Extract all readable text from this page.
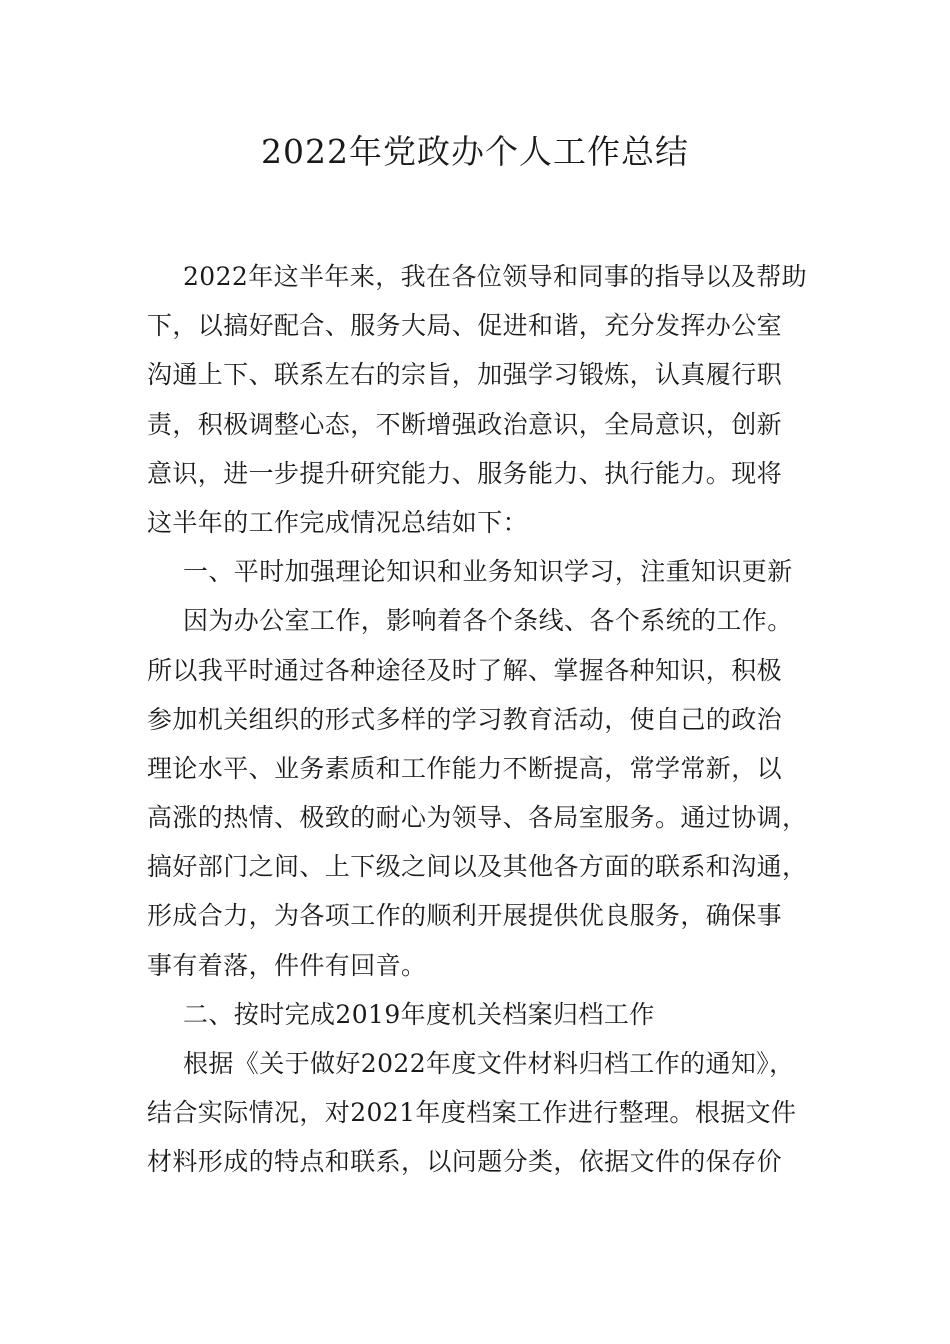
2022年党政办个人工作总结
2022年这半年来，我在各位领导和同事的指导以及帮助
下，以搞好配合、服务大局、促进和谐，充分发挥办公室
沟通上下、联系左右的宗旨，加强学习锻炼，认真履行职
责，积极调整心态，不断增强政治意识，全局意识，创新
意识，进一步提升研究能力、服务能力、执行能力。现将
这半年的工作完成情况总结如下：
一、平时加强理论知识和业务知识学习，注重知识更新
因为办公室工作，影响着各个条线、各个系统的工作。
所以我平时通过各种途径及时了解、掌握各种知识，积极
参加机关组织的形式多样的学习教育活动，使自己的政治
理论水平、业务素质和工作能力不断提高，常学常新，以
高涨的热情、极致的耐心为领导、各局室服务。通过协调，
搞好部门之间、上下级之间以及其他各方面的联系和沟通，
形成合力，为各项工作的顺利开展提供优良服务，确保事
事有着落，件件有回音。
二、按时完成2019年度机关档案归档工作
根据《关于做好2022年度文件材料归档工作的通知》，
结合实际情况，对2021年度档案工作进行整理。根据文件
材料形成的特点和联系，以问题分类，依据文件的保存价
